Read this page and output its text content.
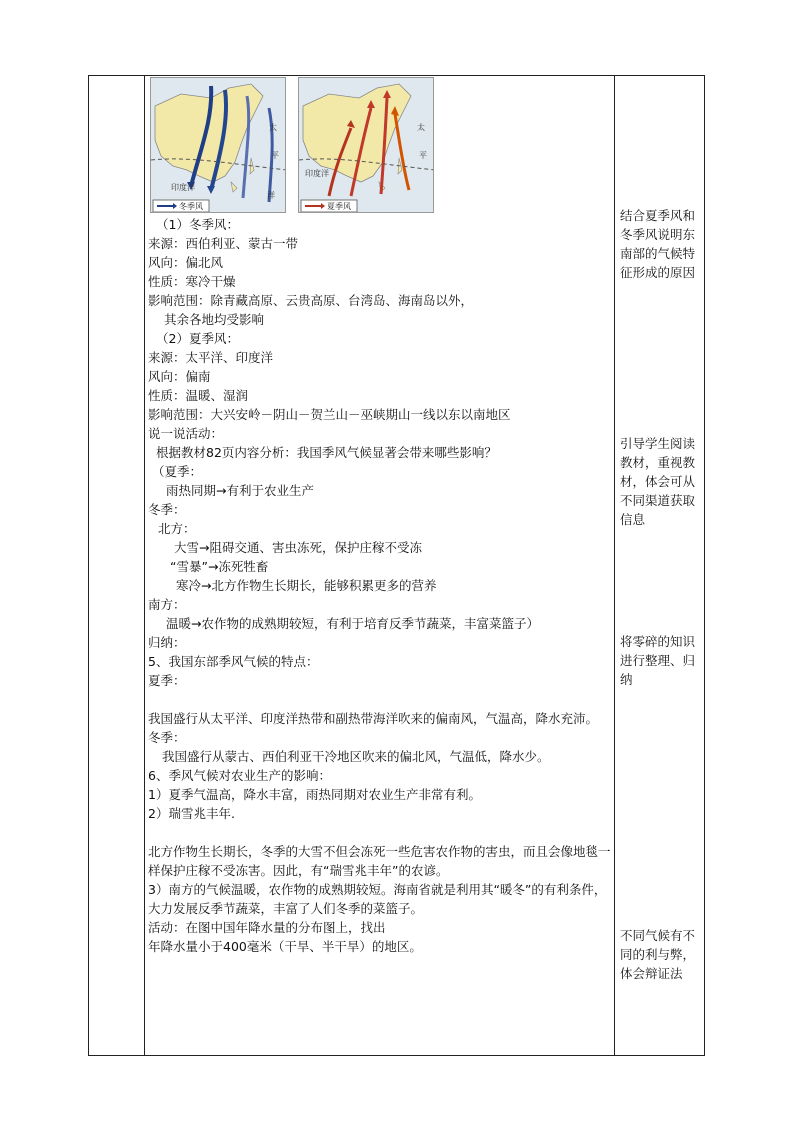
太
平
洋
印度洋
冬季风
太
平
印度洋
夏季风
（1）冬季风：
来源：西伯利亚、蒙古一带
风向：偏北风
性质：寒冷干燥
影响范围：除青藏高原、云贵高原、台湾岛、海南岛以外，
其余各地均受影响
（2）夏季风：
来源：太平洋、印度洋
风向：偏南
性质：温暖、湿润
影响范围：大兴安岭－阴山－贺兰山－巫峡期山一线以东以南地区
说一说活动：
根据教材82页内容分析：我国季风气候显著会带来哪些影响？
（夏季：
雨热同期→有利于农业生产
冬季：
北方：
大雪→阻碍交通、害虫冻死，保护庄稼不受冻
“雪暴”→冻死牲畜
寒冷→北方作物生长期长，能够积累更多的营养
南方：
温暖→农作物的成熟期较短，有利于培育反季节蔬菜，丰富菜篮子）
归纳：
5、我国东部季风气候的特点：
夏季：
我国盛行从太平洋、印度洋热带和副热带海洋吹来的偏南风，气温高，降水充沛。
冬季：
我国盛行从蒙古、西伯利亚干冷地区吹来的偏北风，气温低，降水少。
6、季风气候对农业生产的影响：
1）夏季气温高，降水丰富，雨热同期对农业生产非常有利。
2）瑞雪兆丰年.
北方作物生长期长，冬季的大雪不但会冻死一些危害农作物的害虫，而且会像地毯一样保护庄稼不受冻害。因此，有“瑞雪兆丰年”的农谚。
3）南方的气候温暖，农作物的成熟期较短。海南省就是利用其“暖冬”的有利条件，大力发展反季节蔬菜，丰富了人们冬季的菜篮子。
活动：在图中国年降水量的分布图上，找出
年降水量小于400毫米（干旱、半干旱）的地区。
结合夏季风和冬季风说明东南部的气候特征形成的原因
引导学生阅读教材，重视教材，体会可从不同渠道获取信息
将零碎的知识进行整理、归纳
不同气候有不同的利与弊，体会辩证法
